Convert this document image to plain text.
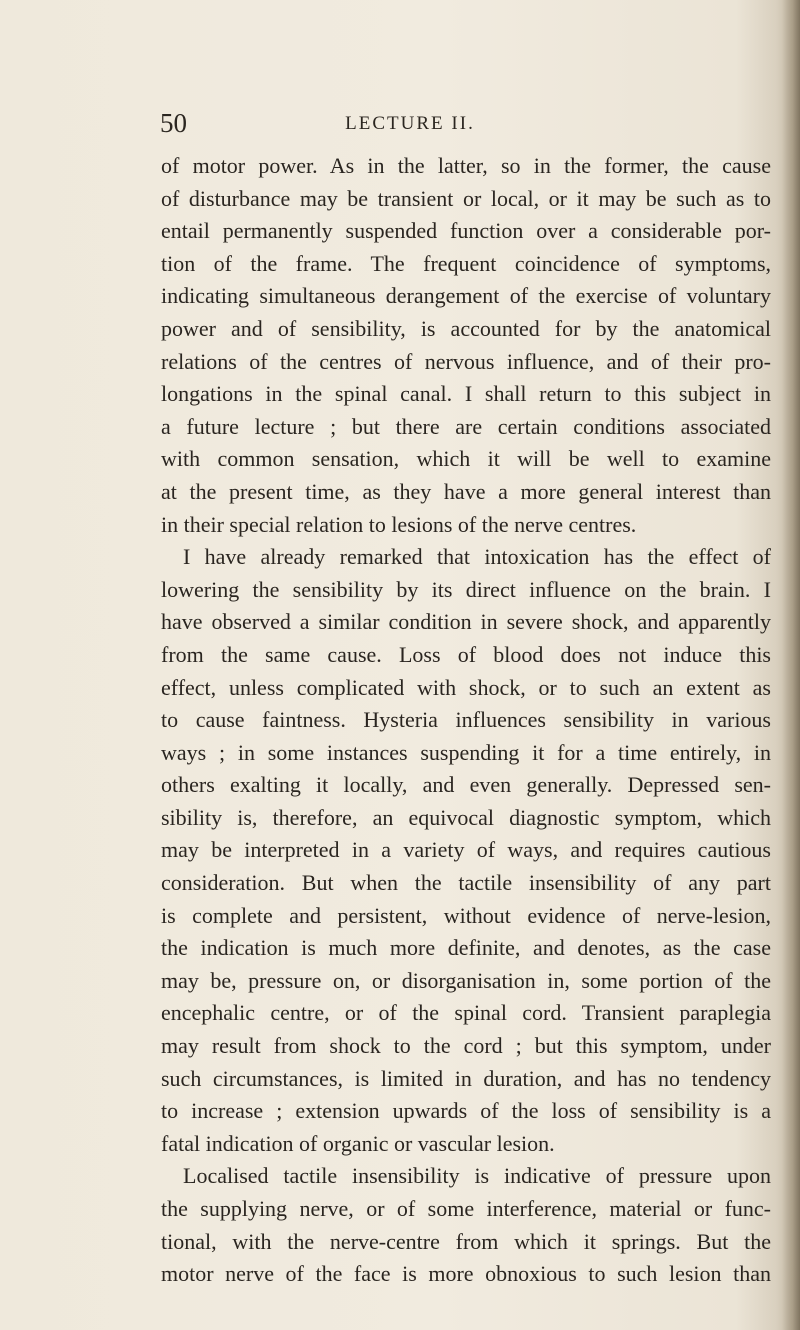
50	LECTURE II.
of motor power. As in the latter, so in the former, the cause
of disturbance may be transient or local, or it may be such as to
entail permanently suspended function over a considerable por-
tion of the frame. The frequent coincidence of symptoms,
indicating simultaneous derangement of the exercise of voluntary
power and of sensibility, is accounted for by the anatomical
relations of the centres of nervous influence, and of their pro-
longations in the spinal canal. I shall return to this subject in
a future lecture ; but there are certain conditions associated
with common sensation, which it will be well to examine
at the present time, as they have a more general interest than
in their special relation to lesions of the nerve centres.
I have already remarked that intoxication has the effect of
lowering the sensibility by its direct influence on the brain. I
have observed a similar condition in severe shock, and apparently
from the same cause. Loss of blood does not induce this
effect, unless complicated with shock, or to such an extent as
to cause faintness. Hysteria influences sensibility in various
ways ; in some instances suspending it for a time entirely, in
others exalting it locally, and even generally. Depressed sen-
sibility is, therefore, an equivocal diagnostic symptom, which
may be interpreted in a variety of ways, and requires cautious
consideration. But when the tactile insensibility of any part
is complete and persistent, without evidence of nerve-lesion,
the indication is much more definite, and denotes, as the case
may be, pressure on, or disorganisation in, some portion of the
encephalic centre, or of the spinal cord. Transient paraplegia
may result from shock to the cord ; but this symptom, under
such circumstances, is limited in duration, and has no tendency
to increase ; extension upwards of the loss of sensibility is a
fatal indication of organic or vascular lesion.
Localised tactile insensibility is indicative of pressure upon
the supplying nerve, or of some interference, material or func-
tional, with the nerve-centre from which it springs. But the
motor nerve of the face is more obnoxious to such lesion than
